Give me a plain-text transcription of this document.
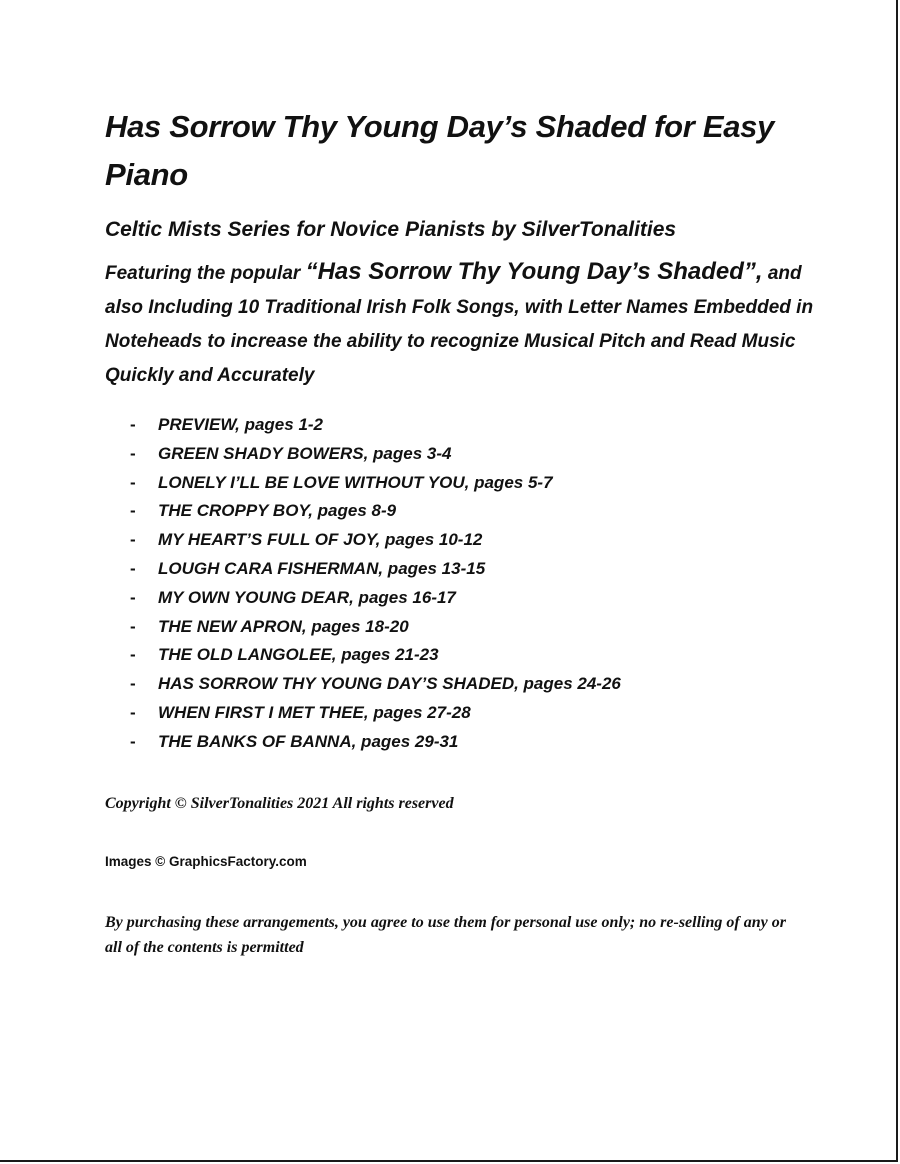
Has Sorrow Thy Young Day’s Shaded for Easy Piano
Celtic Mists Series for Novice Pianists by SilverTonalities

Featuring the popular “Has Sorrow Thy Young Day’s Shaded”, and also Including 10 Traditional Irish Folk Songs, with Letter Names Embedded in Noteheads to increase the ability to recognize Musical Pitch and Read Music Quickly and Accurately

- PREVIEW, pages 1-2
- GREEN SHADY BOWERS, pages 3-4
- LONELY I’LL BE LOVE WITHOUT YOU, pages 5-7
- THE CROPPY BOY, pages 8-9
- MY HEART’S FULL OF JOY, pages 10-12
- LOUGH CARA FISHERMAN, pages 13-15
- MY OWN YOUNG DEAR, pages 16-17
- THE NEW APRON, pages 18-20
- THE OLD LANGOLEE, pages 21-23
- HAS SORROW THY YOUNG DAY’S SHADED, pages 24-26
- WHEN FIRST I MET THEE, pages 27-28
- THE BANKS OF BANNA, pages 29-31

Copyright © SilverTonalities 2021 All rights reserved

Images © GraphicsFactory.com

By purchasing these arrangements, you agree to use them for personal use only; no re-selling of any or all of the contents is permitted
